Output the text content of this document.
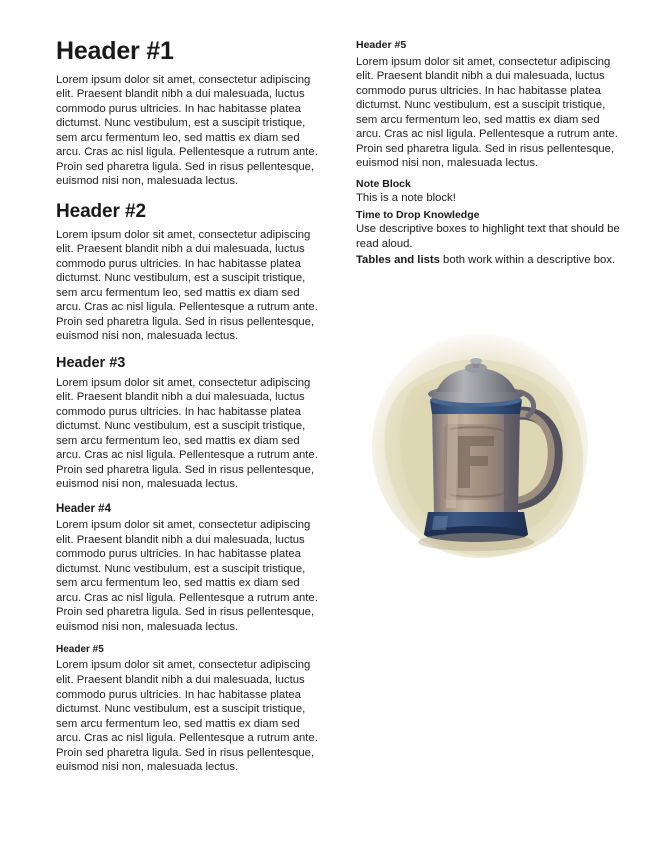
Header #1

Lorem ipsum dolor sit amet, consectetur adipiscing elit. Praesent blandit nibh a dui malesuada, luctus commodo purus ultricies. In hac habitasse platea dictumst. Nunc vestibulum, est a suscipit tristique, sem arcu fermentum leo, sed mattis ex diam sed arcu. Cras ac nisl ligula. Pellentesque a rutrum ante. Proin sed pharetra ligula. Sed in risus pellentesque, euismod nisi non, malesuada lectus.

Header #2

Lorem ipsum dolor sit amet, consectetur adipiscing elit. Praesent blandit nibh a dui malesuada, luctus commodo purus ultricies. In hac habitasse platea dictumst. Nunc vestibulum, est a suscipit tristique, sem arcu fermentum leo, sed mattis ex diam sed arcu. Cras ac nisl ligula. Pellentesque a rutrum ante. Proin sed pharetra ligula. Sed in risus pellentesque, euismod nisi non, malesuada lectus.

Header #3

Lorem ipsum dolor sit amet, consectetur adipiscing elit. Praesent blandit nibh a dui malesuada, luctus commodo purus ultricies. In hac habitasse platea dictumst. Nunc vestibulum, est a suscipit tristique, sem arcu fermentum leo, sed mattis ex diam sed arcu. Cras ac nisl ligula. Pellentesque a rutrum ante. Proin sed pharetra ligula. Sed in risus pellentesque, euismod nisi non, malesuada lectus.

Header #4

Lorem ipsum dolor sit amet, consectetur adipiscing elit. Praesent blandit nibh a dui malesuada, luctus commodo purus ultricies. In hac habitasse platea dictumst. Nunc vestibulum, est a suscipit tristique, sem arcu fermentum leo, sed mattis ex diam sed arcu. Cras ac nisl ligula. Pellentesque a rutrum ante. Proin sed pharetra ligula. Sed in risus pellentesque, euismod nisi non, malesuada lectus.

Header #5

Lorem ipsum dolor sit amet, consectetur adipiscing elit. Praesent blandit nibh a dui malesuada, luctus commodo purus ultricies. In hac habitasse platea dictumst. Nunc vestibulum, est a suscipit tristique, sem arcu fermentum leo, sed mattis ex diam sed arcu. Cras ac nisl ligula. Pellentesque a rutrum ante. Proin sed pharetra ligula. Sed in risus pellentesque, euismod nisi non, malesuada lectus.

Header #5

Lorem ipsum dolor sit amet, consectetur adipiscing elit. Praesent blandit nibh a dui malesuada, luctus commodo purus ultricies. In hac habitasse platea dictumst. Nunc vestibulum, est a suscipit tristique, sem arcu fermentum leo, sed mattis ex diam sed arcu. Cras ac nisl ligula. Pellentesque a rutrum ante. Proin sed pharetra ligula. Sed in risus pellentesque, euismod nisi non, malesuada lectus.

Note Block
This is a note block!
Time to Drop Knowledge
Use descriptive boxes to highlight text that should be read aloud.
Tables and lists both work within a descriptive box.
